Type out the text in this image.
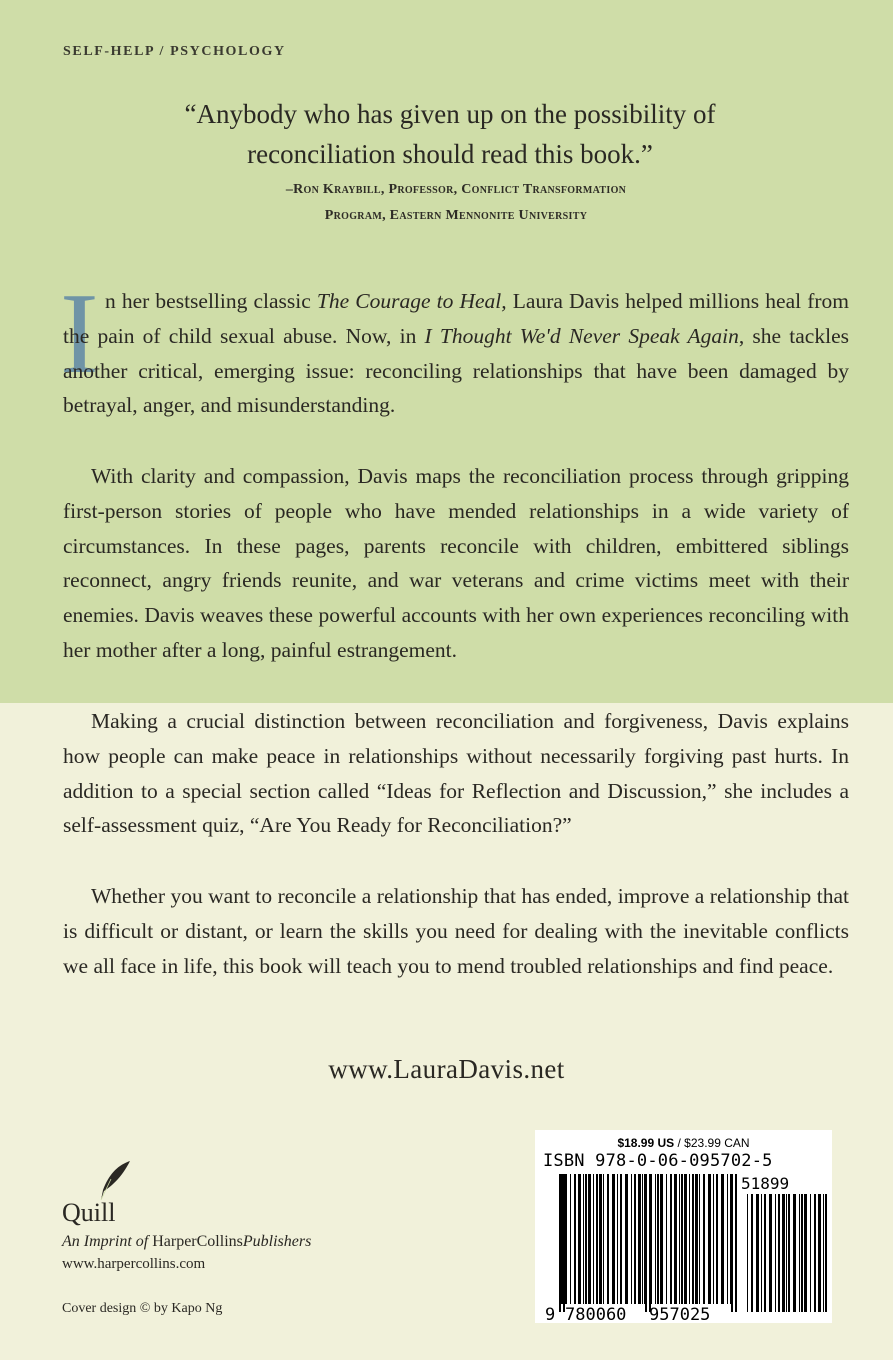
SELF-HELP / PSYCHOLOGY
“Anybody who has given up on the possibility of
reconciliation should read this book.”
–Ron Kraybill, Professor, Conflict Transformation
Program, Eastern Mennonite University
I n her bestselling classic The Courage to Heal, Laura Davis helped millions heal from the pain of child sexual abuse. Now, in I Thought We'd Never Speak Again, she tackles another critical, emerging issue: reconciling relationships that have been damaged by betrayal, anger, and misunderstanding.
With clarity and compassion, Davis maps the reconciliation process through gripping first-person stories of people who have mended relationships in a wide variety of circumstances. In these pages, parents reconcile with children, embittered siblings reconnect, angry friends reunite, and war veterans and crime victims meet with their enemies. Davis weaves these powerful accounts with her own experiences reconciling with her mother after a long, painful estrangement.
Making a crucial distinction between reconciliation and forgiveness, Davis explains how people can make peace in relationships without necessarily forgiving past hurts. In addition to a special section called “Ideas for Reflection and Discussion,” she includes a self-assessment quiz, “Are You Ready for Reconciliation?”
Whether you want to reconcile a relationship that has ended, improve a relationship that is difficult or distant, or learn the skills you need for dealing with the inevitable conflicts we all face in life, this book will teach you to mend troubled relationships and find peace.
www.LauraDavis.net
Quill
An Imprint of HarperCollinsPublishers
www.harpercollins.com
Cover design © by Kapo Ng
$18.99 US / $23.99 CAN
ISBN 978-0-06-095702-5
51899
9 780060 957025
